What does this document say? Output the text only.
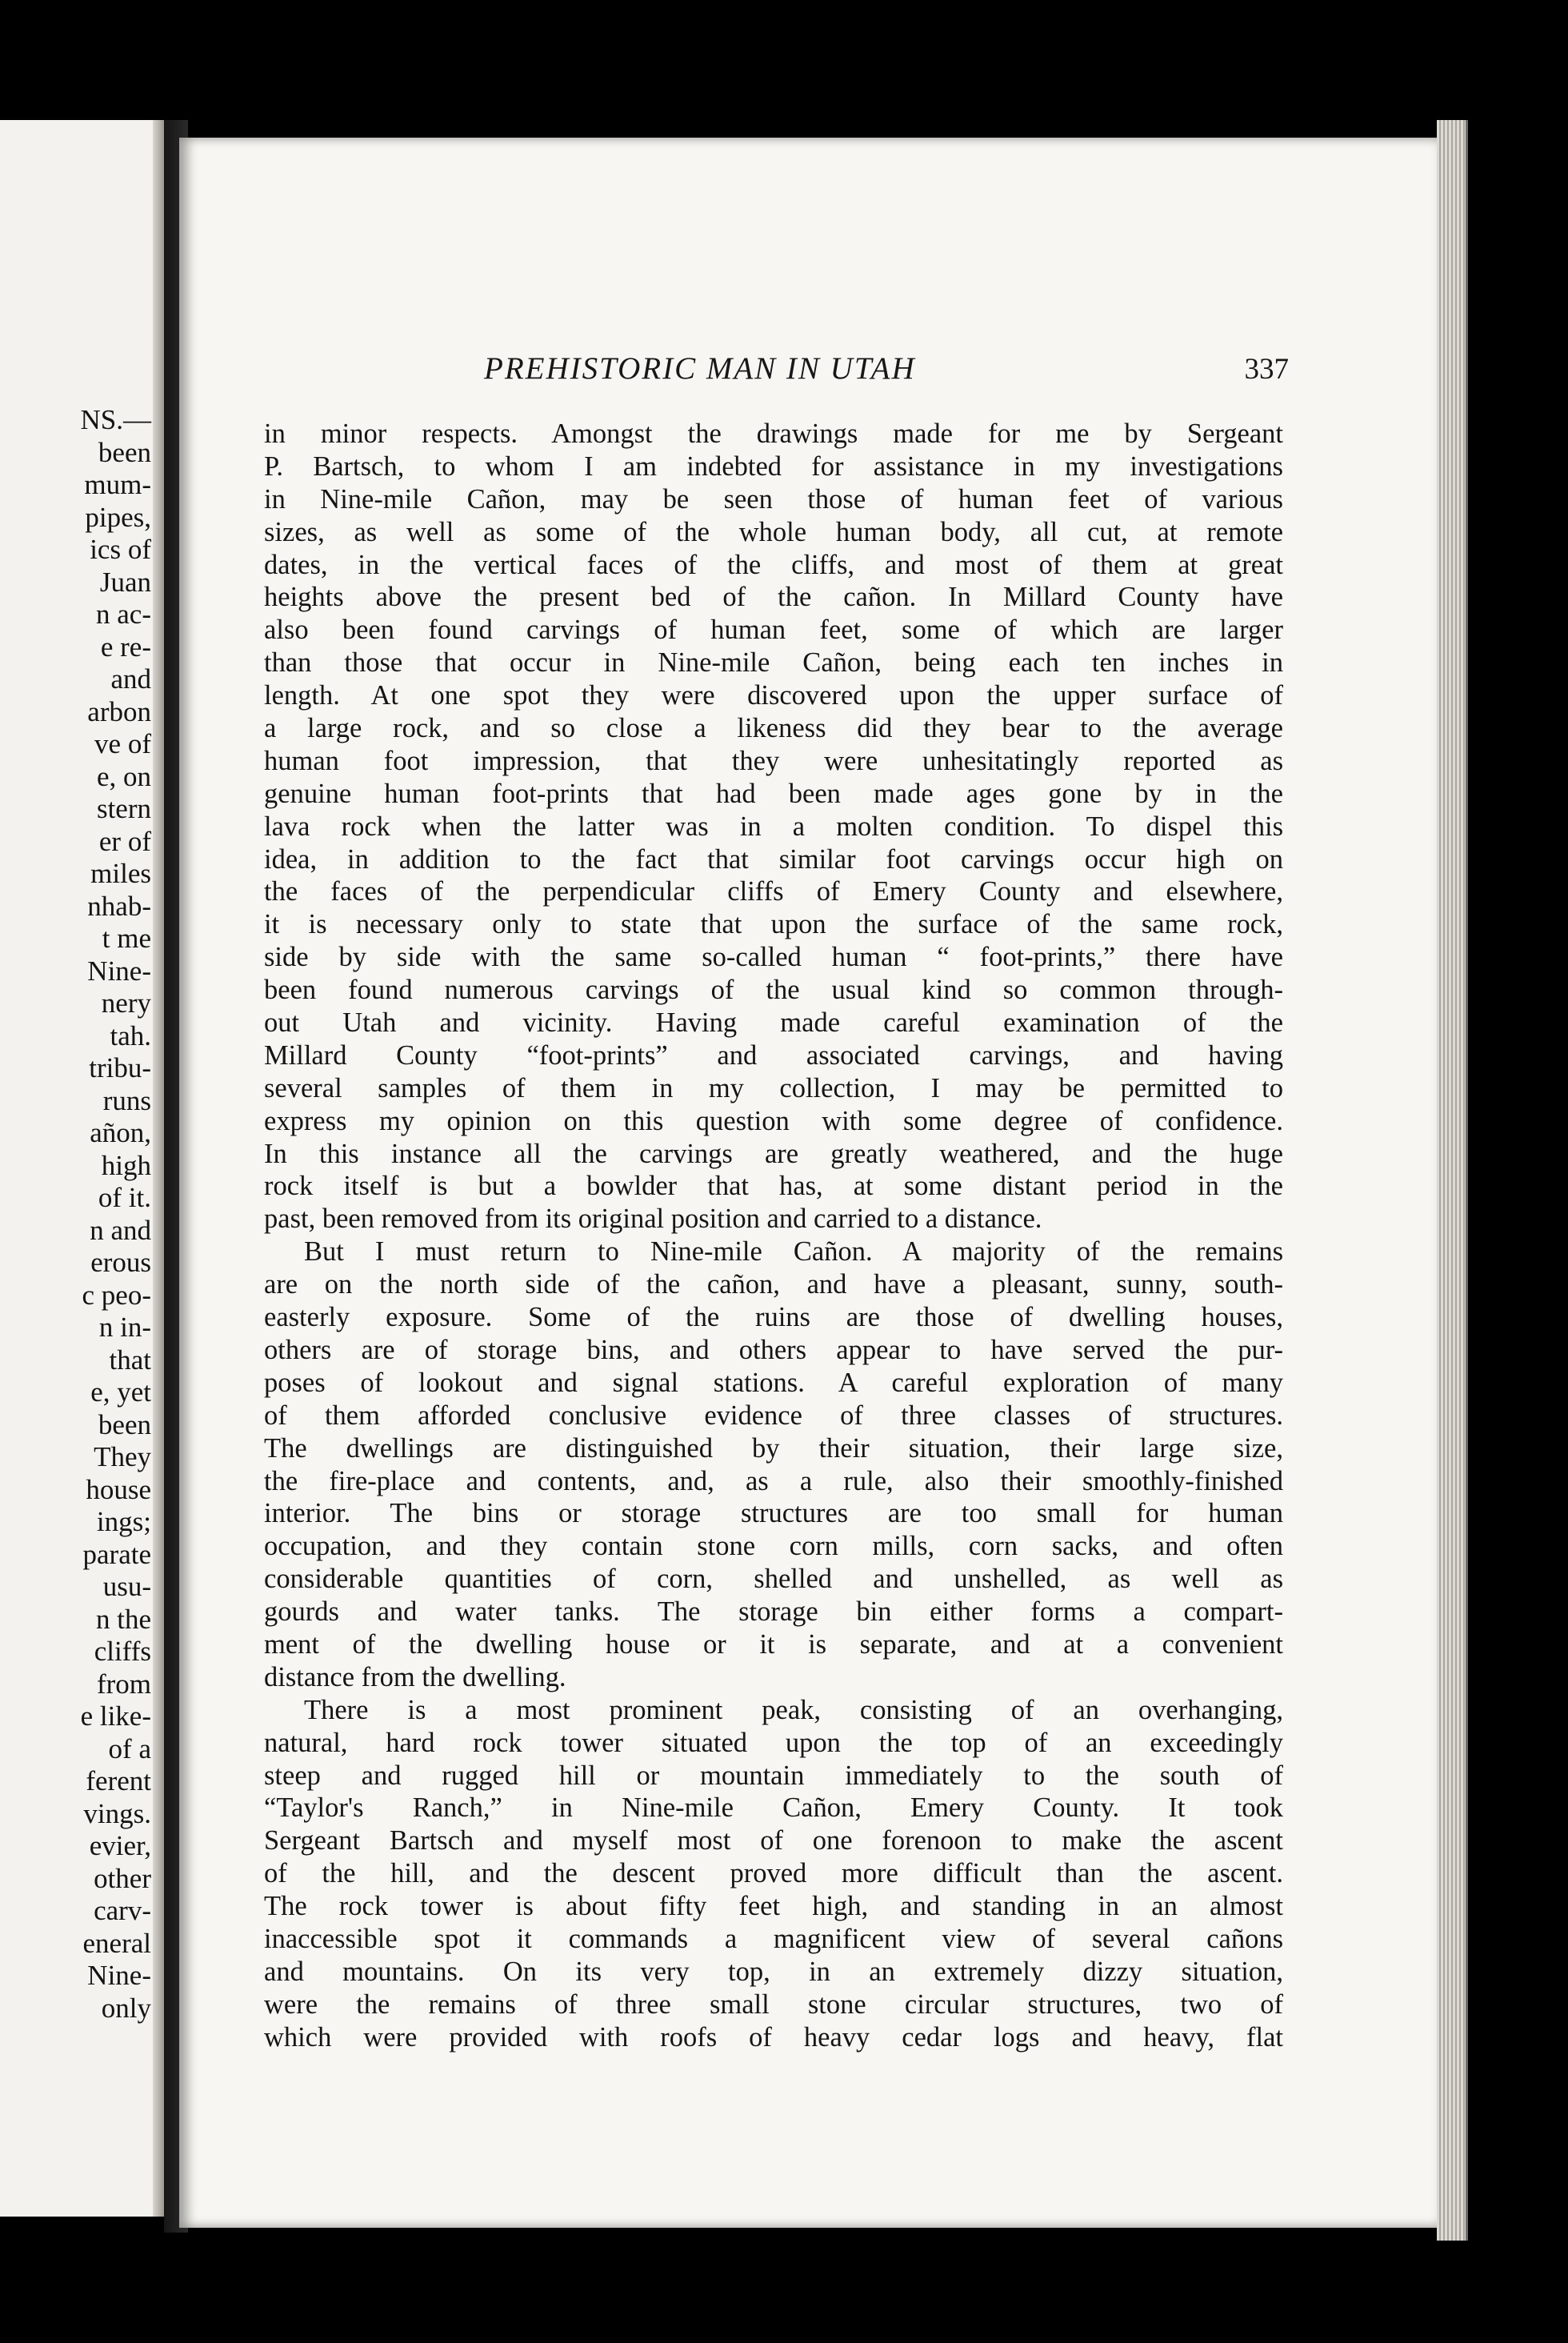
NS.—
been
mum-
pipes,
ics of
Juan
n ac-
e re-
and
arbon
ve of
e, on
stern
er of
miles
nhab-
t me
Nine-
nery
tah.
tribu-
runs
añon,
high
of it.
n and
erous
c peo-
n in-
that
e, yet
been
They
house
ings;
parate
usu-
n the
cliffs
from
e like-
of a
ferent
vings.
evier,
other
carv-
eneral
Nine-
only
PREHISTORIC MAN IN UTAH	337
in minor respects. Amongst the drawings made for me by Sergeant
P. Bartsch, to whom I am indebted for assistance in my investigations
in Nine-mile Cañon, may be seen those of human feet of various
sizes, as well as some of the whole human body, all cut, at remote
dates, in the vertical faces of the cliffs, and most of them at great
heights above the present bed of the cañon. In Millard County have
also been found carvings of human feet, some of which are larger
than those that occur in Nine-mile Cañon, being each ten inches in
length. At one spot they were discovered upon the upper surface of
a large rock, and so close a likeness did they bear to the average
human foot impression, that they were unhesitatingly reported as
genuine human foot-prints that had been made ages gone by in the
lava rock when the latter was in a molten condition. To dispel this
idea, in addition to the fact that similar foot carvings occur high on
the faces of the perpendicular cliffs of Emery County and elsewhere,
it is necessary only to state that upon the surface of the same rock,
side by side with the same so-called human “ foot-prints,” there have
been found numerous carvings of the usual kind so common through-
out Utah and vicinity. Having made careful examination of the
Millard County “foot-prints” and associated carvings, and having
several samples of them in my collection, I may be permitted to
express my opinion on this question with some degree of confidence.
In this instance all the carvings are greatly weathered, and the huge
rock itself is but a bowlder that has, at some distant period in the
past, been removed from its original position and carried to a distance.
But I must return to Nine-mile Cañon. A majority of the remains
are on the north side of the cañon, and have a pleasant, sunny, south-
easterly exposure. Some of the ruins are those of dwelling houses,
others are of storage bins, and others appear to have served the pur-
poses of lookout and signal stations. A careful exploration of many
of them afforded conclusive evidence of three classes of structures.
The dwellings are distinguished by their situation, their large size,
the fire-place and contents, and, as a rule, also their smoothly-finished
interior. The bins or storage structures are too small for human
occupation, and they contain stone corn mills, corn sacks, and often
considerable quantities of corn, shelled and unshelled, as well as
gourds and water tanks. The storage bin either forms a compart-
ment of the dwelling house or it is separate, and at a convenient
distance from the dwelling.
There is a most prominent peak, consisting of an overhanging,
natural, hard rock tower situated upon the top of an exceedingly
steep and rugged hill or mountain immediately to the south of
“Taylor's Ranch,” in Nine-mile Cañon, Emery County. It took
Sergeant Bartsch and myself most of one forenoon to make the ascent
of the hill, and the descent proved more difficult than the ascent.
The rock tower is about fifty feet high, and standing in an almost
inaccessible spot it commands a magnificent view of several cañons
and mountains. On its very top, in an extremely dizzy situation,
were the remains of three small stone circular structures, two of
which were provided with roofs of heavy cedar logs and heavy, flat
